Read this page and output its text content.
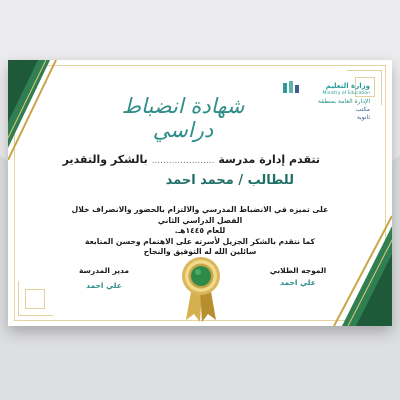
وزارة التعليم
Ministry of Education
الإدارة العامة بمنطقة
مكتب
ثانوية
شهادة انضباط دراسي
تتقدم إدارة مدرسة ...................... بالشكر والتقدير
للطالب / محمد احمد
على تميزه في الانضباط المدرسي والالتزام بالحضور والانصراف خلال الفصل الدراسي الثاني
للعام ١٤٤٥هـ.
كما نتقدم بالشكر الجزيل لأسرته على الاهتمام وحسن المتابعة
سائلين الله له التوفيق والنجاح
مدير المدرسة
علي احمد
الموجه الطلابي
علي احمد
